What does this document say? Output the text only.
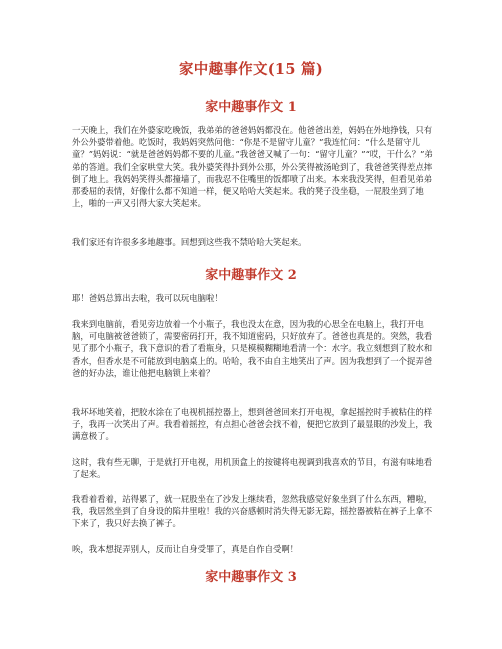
家中趣事作文(15 篇)
家中趣事作文 1

一天晚上，我们在外婆家吃晚饭，我弟弟的爸爸妈妈都没在。他爸爸出差，妈妈在外地挣钱，只有外公外婆带着他。吃饭时，我妈妈突然问他：“你是不是留守儿童？”我连忙问：“什么是留守儿童？”妈妈说：“就是爸爸妈妈都不要的儿童。”我爸爸又喊了一句：“留守儿童？”“哎，干什么？”弟弟的答道。我们全家哄堂大笑。我外婆笑得扑到外公那，外公笑得被汤呛到了，我爸爸笑得差点摔倒了地上。我妈妈笑得头都撞墙了，而我忍不住嘴里的饭都喷了出来。本来我没笑得，但看见弟弟那委屈的表情，好像什么都不知道一样，便又哈哈大笑起来。我的凳子没坐稳，一屁股坐到了地上，啪的一声又引得大家大笑起来。

我们家还有许很多多地趣事。回想到这些我不禁哈哈大笑起来。

家中趣事作文 2

耶！爸妈总算出去啦，我可以玩电脑啦！

我来到电脑前，看见旁边放着一个小瓶子，我也没太在意，因为我的心思全在电脑上，我打开电脑，可电脑被爸爸锁了，需要密码打开，我不知道密码，只好放弃了。爸爸也真是的。突然，我看见了那个小瓶子，我下意识的看了看瓶身，只是模模糊糊地看清一个：水字。我立刻想到了胶水和香水，但香水是不可能放到电脑桌上的。哈哈，我不由自主地笑出了声。因为我想到了一个捉弄爸爸的好办法，谁让他把电脑锁上来着？

我坏坏地笑着，把胶水涂在了电视机摇控器上，想到爸爸回来打开电视，拿起摇控时手被粘住的样子，我再一次笑出了声。我看着摇控，有点担心爸爸会找不着，便把它放到了最显眼的沙发上，我满意极了。

这时，我有些无聊，于是就打开电视，用机顶盒上的按键将电视调到我喜欢的节目，有滋有味地看了起来。

我看着看着，站得累了，就一屁股坐在了沙发上继续看，忽然我感觉好象坐到了什么东西，糟啦，我，我居然坐到了自身设的陷井里啦！我的兴奋感顿时消失得无影无踪，摇控器被粘在裤子上拿不下来了，我只好去换了裤子。

唉，我本想捉弄别人，反而让自身受罪了，真是自作自受啊！

家中趣事作文 3
